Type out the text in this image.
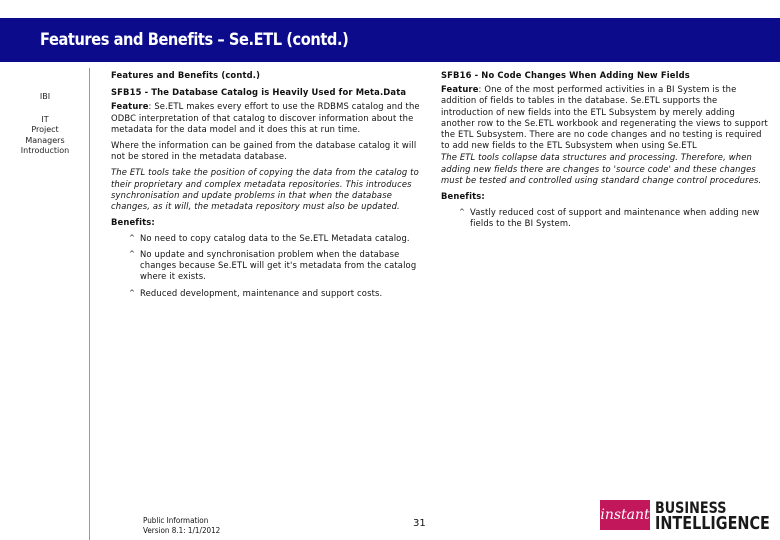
Features and Benefits – Se.ETL (contd.)
IBI
IT
Project Managers Introduction

Features and Benefits (contd.)

SFB15 - The Database Catalog is Heavily Used for Meta.Data

Feature: Se.ETL makes every effort to use the RDBMS catalog and the ODBC interpretation of that catalog to discover information about the metadata for the data model and it does this at run time.

Where the information can be gained from the database catalog it will not be stored in the metadata database.

The ETL tools take the position of copying the data from the catalog to their proprietary and complex metadata repositories. This introduces synchronisation and update problems in that when the database changes, as it will, the metadata repository must also be updated.

Benefits:

^ No need to copy catalog data to the Se.ETL Metadata catalog.
^ No update and synchronisation problem when the database changes because Se.ETL will get it's metadata from the catalog where it exists.
^ Reduced development, maintenance and support costs.

SFB16 - No Code Changes When Adding New Fields

Feature: One of the most performed activities in a BI System is the addition of fields to tables in the database. Se.ETL supports the introduction of new fields into the ETL Subsystem by merely adding another row to the Se.ETL workbook and regenerating the views to support the ETL Subsystem. There are no code changes and no testing is required to add new fields to the ETL Subsystem when using Se.ETL

The ETL tools collapse data structures and processing. Therefore, when adding new fields there are changes to 'source code' and these changes must be tested and controlled using standard change control procedures.

Benefits:

^ Vastly reduced cost of support and maintenance when adding new fields to the BI System.
Public Information
Version 8.1: 1/1/2012
31
instant BUSINESS
INTELLIGENCE
